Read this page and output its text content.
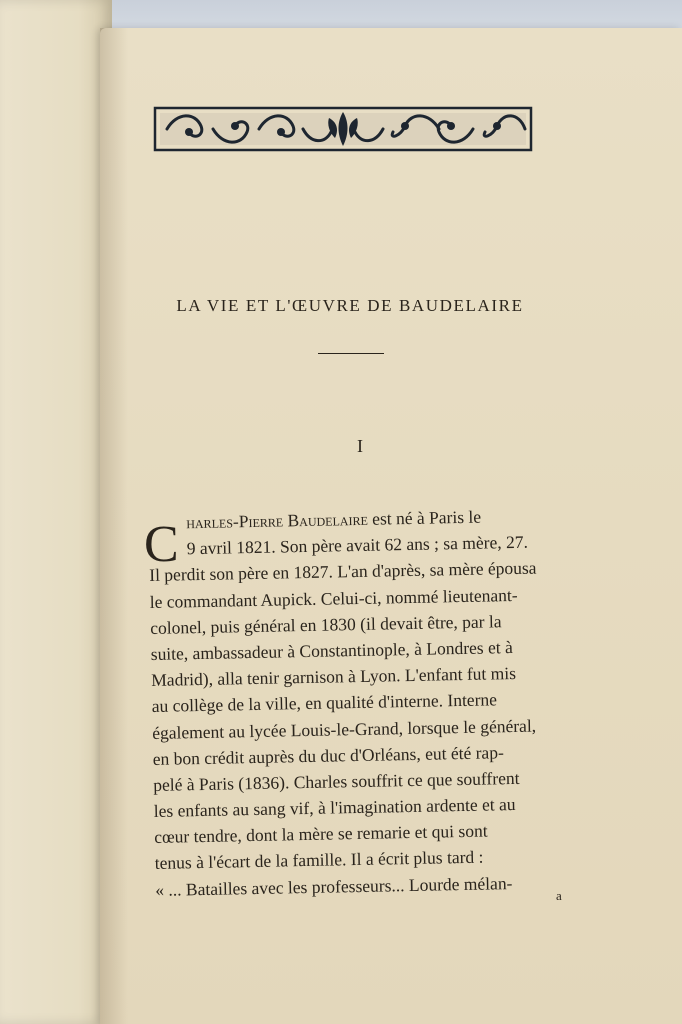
LA VIE ET L'ŒUVRE DE BAUDELAIRE
I
C harles-Pierre Baudelaire est né à Paris le
9 avril 1821. Son père avait 62 ans ; sa mère, 27.
Il perdit son père en 1827. L'an d'après, sa mère épousa
le commandant Aupick. Celui-ci, nommé lieutenant-
colonel, puis général en 1830 (il devait être, par la
suite, ambassadeur à Constantinople, à Londres et à
Madrid), alla tenir garnison à Lyon. L'enfant fut mis
au collège de la ville, en qualité d'interne. Interne
également au lycée Louis-le-Grand, lorsque le général,
en bon crédit auprès du duc d'Orléans, eut été rap-
pelé à Paris (1836). Charles souffrit ce que souffrent
les enfants au sang vif, à l'imagination ardente et au
cœur tendre, dont la mère se remarie et qui sont
tenus à l'écart de la famille. Il a écrit plus tard :
« ... Batailles avec les professeurs... Lourde mélan-	a
